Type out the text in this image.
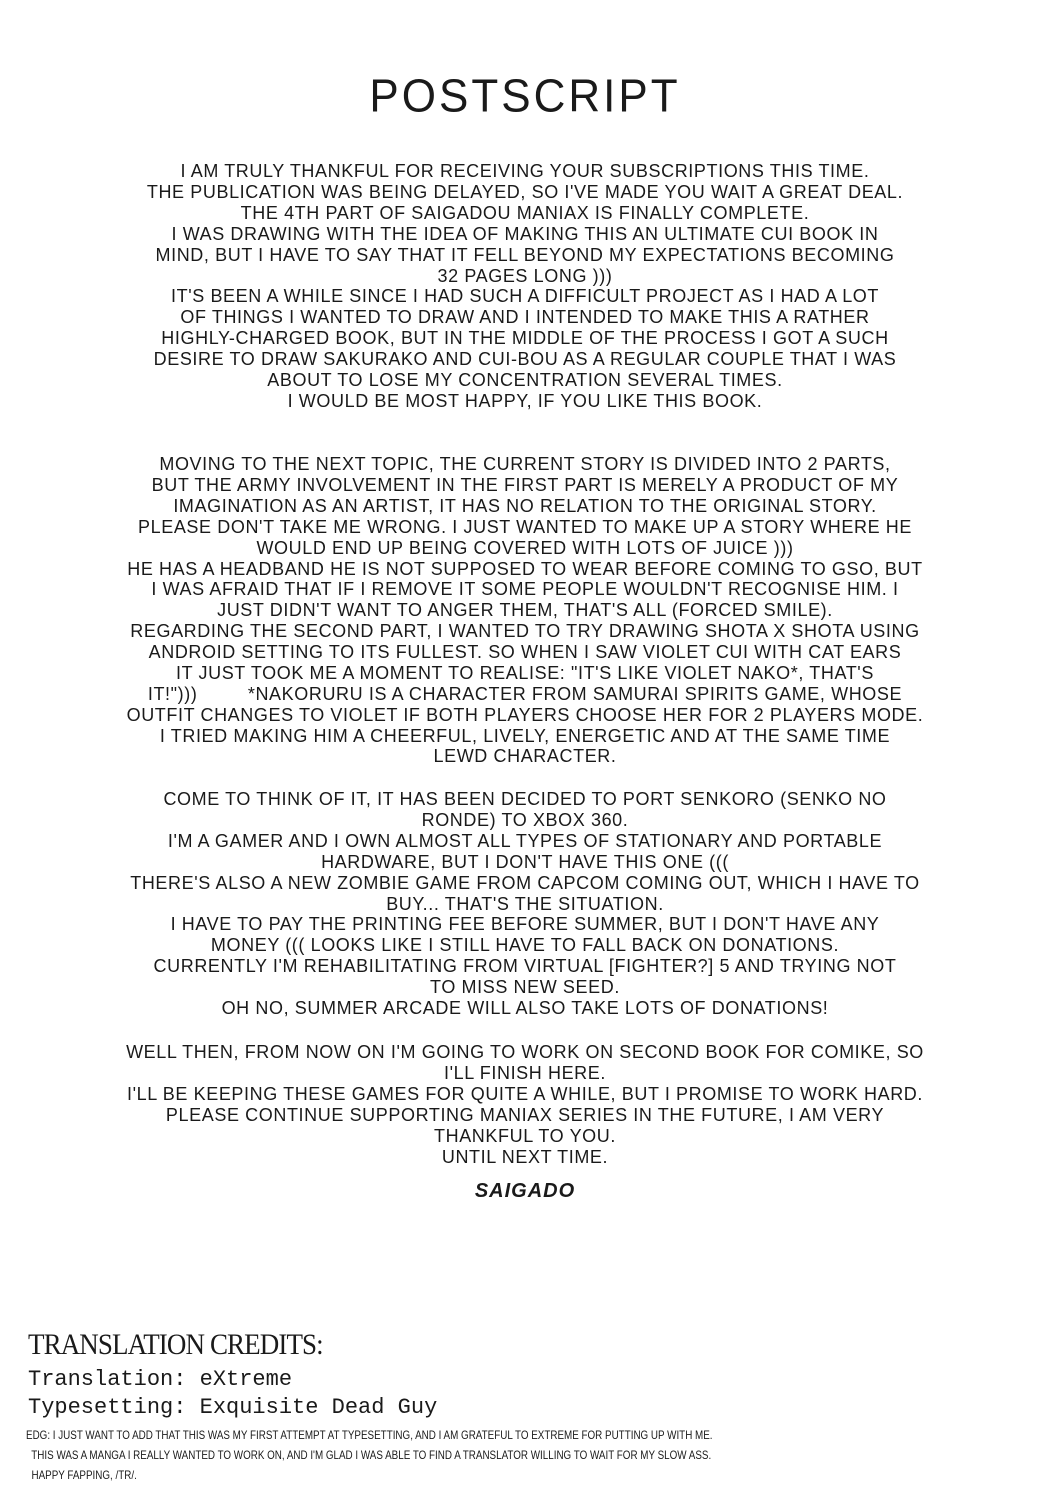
POSTSCRIPT
I AM TRULY THANKFUL FOR RECEIVING YOUR SUBSCRIPTIONS THIS TIME.
THE PUBLICATION WAS BEING DELAYED, SO I'VE MADE YOU WAIT A GREAT DEAL.
THE 4TH PART OF SAIGADOU MANIAX IS FINALLY COMPLETE.
I WAS DRAWING WITH THE IDEA OF MAKING THIS AN ULTIMATE CUI BOOK IN
MIND, BUT I HAVE TO SAY THAT IT FELL BEYOND MY EXPECTATIONS BECOMING
32 PAGES LONG )))
IT'S BEEN A WHILE SINCE I HAD SUCH A DIFFICULT PROJECT AS I HAD A LOT
OF THINGS I WANTED TO DRAW AND I INTENDED TO MAKE THIS A RATHER
HIGHLY-CHARGED BOOK, BUT IN THE MIDDLE OF THE PROCESS I GOT A SUCH
DESIRE TO DRAW SAKURAKO AND CUI-BOU AS A REGULAR COUPLE THAT I WAS
ABOUT TO LOSE MY CONCENTRATION SEVERAL TIMES.
I WOULD BE MOST HAPPY, IF YOU LIKE THIS BOOK.
MOVING TO THE NEXT TOPIC, THE CURRENT STORY IS DIVIDED INTO 2 PARTS,
BUT THE ARMY INVOLVEMENT IN THE FIRST PART IS MERELY A PRODUCT OF MY
IMAGINATION AS AN ARTIST, IT HAS NO RELATION TO THE ORIGINAL STORY.
PLEASE DON'T TAKE ME WRONG. I JUST WANTED TO MAKE UP A STORY WHERE HE
WOULD END UP BEING COVERED WITH LOTS OF JUICE )))
HE HAS A HEADBAND HE IS NOT SUPPOSED TO WEAR BEFORE COMING TO GSO, BUT
I WAS AFRAID THAT IF I REMOVE IT SOME PEOPLE WOULDN'T RECOGNISE HIM. I
JUST DIDN'T WANT TO ANGER THEM, THAT'S ALL (FORCED SMILE).
REGARDING THE SECOND PART, I WANTED TO TRY DRAWING SHOTA X SHOTA USING
ANDROID SETTING TO ITS FULLEST. SO WHEN I SAW VIOLET CUI WITH CAT EARS
IT JUST TOOK ME A MOMENT TO REALISE: "IT'S LIKE VIOLET NAKO*, THAT'S
IT!")))         *NAKORURU IS A CHARACTER FROM SAMURAI SPIRITS GAME, WHOSE
OUTFIT CHANGES TO VIOLET IF BOTH PLAYERS CHOOSE HER FOR 2 PLAYERS MODE.
I TRIED MAKING HIM A CHEERFUL, LIVELY, ENERGETIC AND AT THE SAME TIME
LEWD CHARACTER.
COME TO THINK OF IT, IT HAS BEEN DECIDED TO PORT SENKORO (SENKO NO
RONDE) TO XBOX 360.
I'M A GAMER AND I OWN ALMOST ALL TYPES OF STATIONARY AND PORTABLE
HARDWARE, BUT I DON'T HAVE THIS ONE (((
THERE'S ALSO A NEW ZOMBIE GAME FROM CAPCOM COMING OUT, WHICH I HAVE TO
BUY... THAT'S THE SITUATION.
I HAVE TO PAY THE PRINTING FEE BEFORE SUMMER, BUT I DON'T HAVE ANY
MONEY ((( LOOKS LIKE I STILL HAVE TO FALL BACK ON DONATIONS.
CURRENTLY I'M REHABILITATING FROM VIRTUAL [FIGHTER?] 5 AND TRYING NOT
TO MISS NEW SEED.
OH NO, SUMMER ARCADE WILL ALSO TAKE LOTS OF DONATIONS!
WELL THEN, FROM NOW ON I'M GOING TO WORK ON SECOND BOOK FOR COMIKE, SO
I'LL FINISH HERE.
I'LL BE KEEPING THESE GAMES FOR QUITE A WHILE, BUT I PROMISE TO WORK HARD.
PLEASE CONTINUE SUPPORTING MANIAX SERIES IN THE FUTURE, I AM VERY
THANKFUL TO YOU.
UNTIL NEXT TIME.
SAIGADO
TRANSLATION CREDITS:
Translation: eXtreme
Typesetting: Exquisite Dead Guy
EDG: I JUST WANT TO ADD THAT THIS WAS MY FIRST ATTEMPT AT TYPESETTING, AND I AM GRATEFUL TO EXTREME FOR PUTTING UP WITH ME.
THIS WAS A MANGA I REALLY WANTED TO WORK ON, AND I'M GLAD I WAS ABLE TO FIND A TRANSLATOR WILLING TO WAIT FOR MY SLOW ASS.
HAPPY FAPPING, /TR/.
